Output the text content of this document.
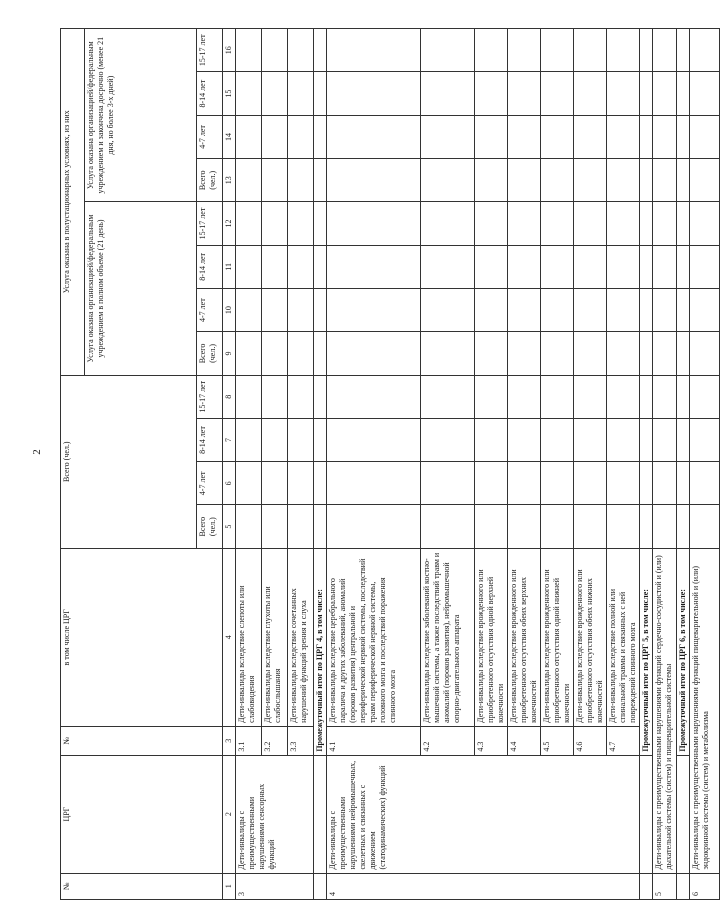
2
№	ЦРГ	№	в том числе ЦРГ	Всего (чел.)				Услуга оказана в полустационарных условиях, из них							
								Услуга оказана организацией/федеральным учреждением в полном объеме (21 день)				Услуга оказана организацией/федеральным учреждением и закончена досрочно (менее 21 дня, но более 3-х дней)			
				Всего (чел.)	4-7 лет	8-14 лет	15-17 лет	Всего (чел.)	4-7 лет	8-14 лет	15-17 лет	Всего (чел.)	4-7 лет	8-14 лет	15-17 лет
1	2	3	4	5	6	7	8	9	10	11	12	13	14	15	16
3	Дети-инвалиды с преимущественными нарушениями сенсорных функций	3.1	Дети-инвалиды вследствие слепоты или слабовидения												
		3.2	Дети-инвалиды вследствие глухоты или слабослышания												
		3.3	Дети-инвалиды вследствие сочетанных нарушений функций зрения и слуха												
		Промежуточный итог по ЦРГ 4, в том числе:													
4	Дети-инвалиды с преимущественными нарушениями нейромышечных, скелетных и связанных с движением (статодинамических) функций	4.1	Дети-инвалиды вследствие церебрального паралича и других заболеваний, аномалий (пороков развития) центральной и периферической нервной системы, последствий травм периферической нервной системы, головного мозга и последствий поражения спинного мозга												
		4.2	Дети-инвалиды вследствие заболеваний костно-мышечной системы, а также последствий травм и аномалий (пороков развития), нейромышечной опорно-двигательного аппарата												
		4.3	Дети-инвалиды вследствие врожденного или приобретенного отсутствия одной верхней конечности												
		4.4	Дети-инвалиды вследствие врожденного или приобретенного отсутствия обеих верхних конечностей												
		4.5	Дети-инвалиды вследствие врожденного или приобретенного отсутствия одной нижней конечности												
		4.6	Дети-инвалиды вследствие врожденного или приобретенного отсутствия обеих нижних конечностей												
		4.7	Дети-инвалиды вследствие полной или спинальной травмы и связанных с ней повреждений спинного мозга												
		Промежуточный итог по ЦРГ 5, в том числе:													
5	Дети-инвалиды с преимущественными нарушениями функций сердечно-сосудистой и (или) дыхательной системы (систем) и пищеварительной системы														
		Промежуточный итог по ЦРГ 6, в том числе:													
6	Дети-инвалиды с преимущественными нарушениями функций пищеварительной и (или) эндокринной системы (систем) и метаболизма														
